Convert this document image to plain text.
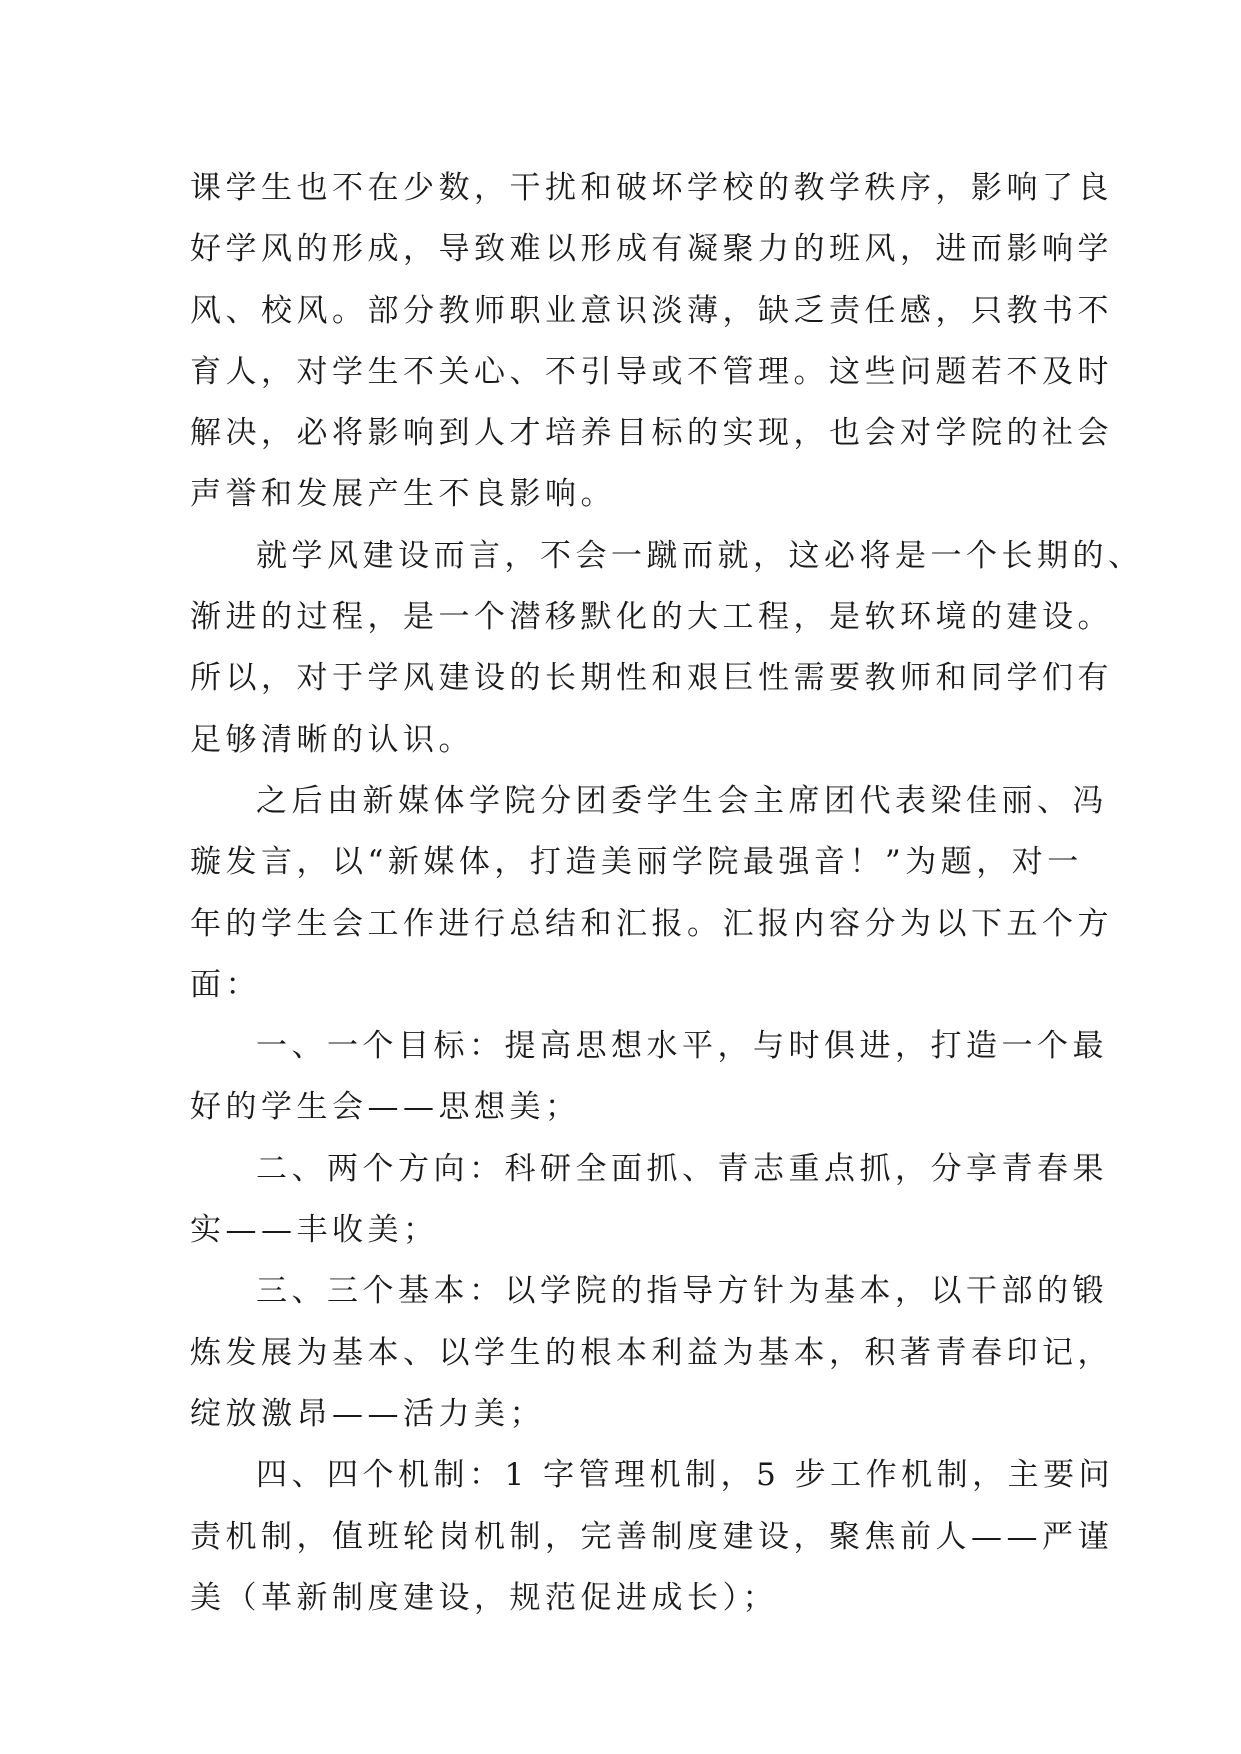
课学生也不在少数，干扰和破坏学校的教学秩序，影响了良
好学风的形成，导致难以形成有凝聚力的班风，进而影响学
风、校风。部分教师职业意识淡薄，缺乏责任感，只教书不
育人，对学生不关心、不引导或不管理。这些问题若不及时
解决，必将影响到人才培养目标的实现，也会对学院的社会
声誉和发展产生不良影响。
就学风建设而言，不会一蹴而就，这必将是一个长期的、
渐进的过程，是一个潜移默化的大工程，是软环境的建设。
所以，对于学风建设的长期性和艰巨性需要教师和同学们有
足够清晰的认识。
之后由新媒体学院分团委学生会主席团代表梁佳丽、冯
璇发言，以“新媒体，打造美丽学院最强音！”为题，对一
年的学生会工作进行总结和汇报。汇报内容分为以下五个方
面：
一、一个目标：提高思想水平，与时俱进，打造一个最
好的学生会——思想美；
二、两个方向：科研全面抓、青志重点抓，分享青春果
实——丰收美；
三、三个基本：以学院的指导方针为基本，以干部的锻
炼发展为基本、以学生的根本利益为基本，积著青春印记，
绽放激昂——活力美；
四、四个机制：1 字管理机制，5 步工作机制，主要问
责机制，值班轮岗机制，完善制度建设，聚焦前人——严谨
美（革新制度建设，规范促进成长）；
